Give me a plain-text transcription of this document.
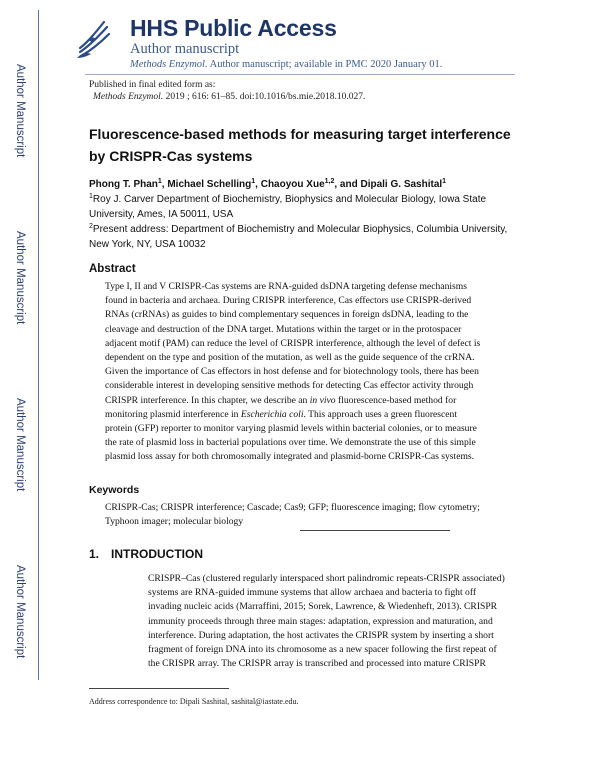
Author Manuscript
Author Manuscript
Author Manuscript
Author Manuscript
HHS Public Access
Author manuscript
Methods Enzymol. Author manuscript; available in PMC 2020 January 01.
Published in final edited form as:
Methods Enzymol. 2019 ; 616: 61–85. doi:10.1016/bs.mie.2018.10.027.
Fluorescence-based methods for measuring target interference
by CRISPR-Cas systems
Phong T. Phan$^1$, Michael Schelling$^1$, Chaoyou Xue$^{1,2}$, and Dipali G. Sashital$^1$
$^1$Roy J. Carver Department of Biochemistry, Biophysics and Molecular Biology, Iowa State
University, Ames, IA 50011, USA
$^2$Present address: Department of Biochemistry and Molecular Biophysics, Columbia University,
New York, NY, USA 10032
Abstract
Type I, II and V CRISPR-Cas systems are RNA-guided dsDNA targeting defense mechanisms
found in bacteria and archaea. During CRISPR interference, Cas effectors use CRISPR-derived
RNAs (crRNAs) as guides to bind complementary sequences in foreign dsDNA, leading to the
cleavage and destruction of the DNA target. Mutations within the target or in the protospacer
adjacent motif (PAM) can reduce the level of CRISPR interference, although the level of defect is
dependent on the type and position of the mutation, as well as the guide sequence of the crRNA.
Given the importance of Cas effectors in host defense and for biotechnology tools, there has been
considerable interest in developing sensitive methods for detecting Cas effector activity through
CRISPR interference. In this chapter, we describe an in vivo fluorescence-based method for
monitoring plasmid interference in Escherichia coli. This approach uses a green fluorescent
protein (GFP) reporter to monitor varying plasmid levels within bacterial colonies, or to measure
the rate of plasmid loss in bacterial populations over time. We demonstrate the use of this simple
plasmid loss assay for both chromosomally integrated and plasmid-borne CRISPR-Cas systems.
Keywords
CRISPR-Cas; CRISPR interference; Cascade; Cas9; GFP; fluorescence imaging; flow cytometry;
Typhoon imager; molecular biology
1. INTRODUCTION
CRISPR–Cas (clustered regularly interspaced short palindromic repeats-CRISPR associated)
systems are RNA-guided immune systems that allow archaea and bacteria to fight off
invading nucleic acids (Marraffini, 2015; Sorek, Lawrence, & Wiedenheft, 2013). CRISPR
immunity proceeds through three main stages: adaptation, expression and maturation, and
interference. During adaptation, the host activates the CRISPR system by inserting a short
fragment of foreign DNA into its chromosome as a new spacer following the first repeat of
the CRISPR array. The CRISPR array is transcribed and processed into mature CRISPR
Address correspondence to: Dipali Sashital, sashital@iastate.edu.
